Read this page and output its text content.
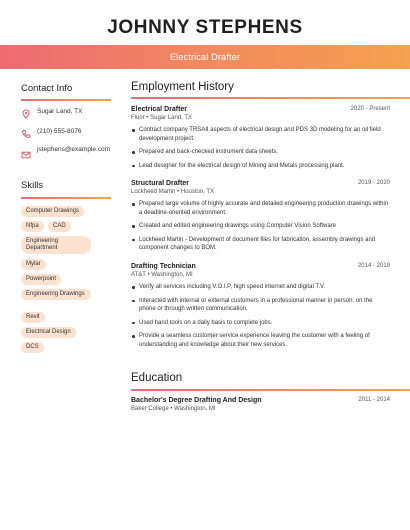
JOHNNY STEPHENS
Electrical Drafter
Contact Info
Sugar Land, TX
(210) 555-8076
jstephens@example.com
Skills
Computer Drawings
Nfpa	CAD
Engineering Department
Mylar
Powerpoint
Engineering Drawings
Revit
Electrical Design
DCS
Employment History
Electrical Drafter	2020 - Present
Fluor • Sugar Land, TX
Contract company TRSAII aspects of electrical design and PDS 3D modeling for an oil field development project.
Prepared and back-checked instrument data sheets.
Lead designer for the electrical design of Mining and Metals processing plant.
Structural Drafter	2019 - 2020
Lockheed Martin • Houston, TX
Prepared large volume of highly accurate and detailed engineering production drawings within a deadline-oriented environment.
Created and edited engineering drawings using Computer Vision Software
Lockheed Martin - Development of document files for fabrication, assembly drawings and component changes to BOM.
Drafting Technician	2014 - 2019
AT&T • Washington, MI
Verify all services including V.O.I.P, high speed internet and digital T.V.
Interacted with internal or external customers in a professional manner in person, on the phone or through written communication.
Used hand tools on a daily basis to complete jobs.
Provide a seamless customer service experience leaving the customer with a feeling of understanding and knowledge about their new services.
Education
Bachelor's Degree Drafting And Design	2011 - 2014
Baker College • Washington, MI
